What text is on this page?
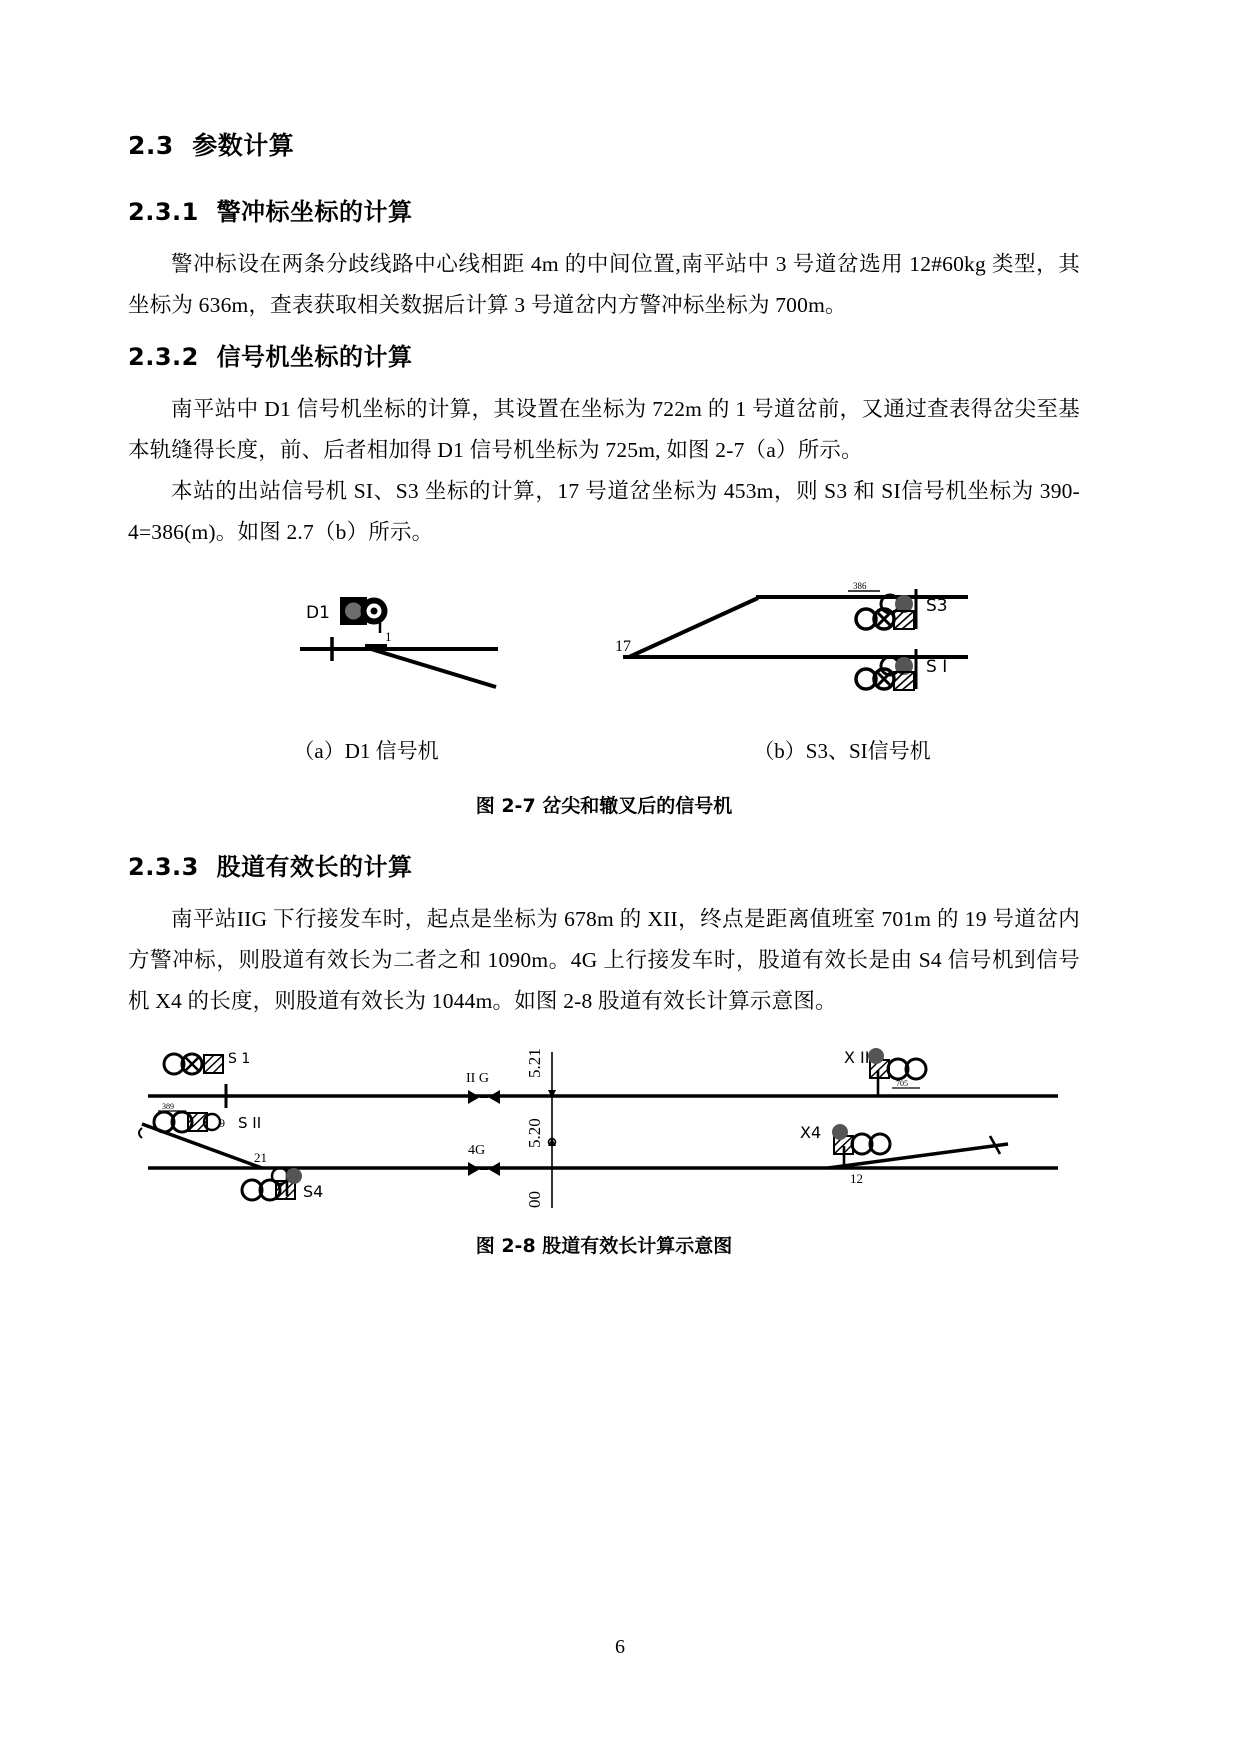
2.3 参数计算
2.3.1 警冲标坐标的计算

警冲标设在两条分歧线路中心线相距 4m 的中间位置,南平站中 3 号道岔选用 12#60kg 类型，其坐标为 636m，查表获取相关数据后计算 3 号道岔内方警冲标坐标为 700m。

2.3.2 信号机坐标的计算

南平站中 D1 信号机坐标的计算，其设置在坐标为 722m 的 1 号道岔前，又通过查表得岔尖至基本轨缝得长度，前、后者相加得 D1 信号机坐标为 725m, 如图 2-7（a）所示。

本站的出站信号机 SI、S3 坐标的计算，17 号道岔坐标为 453m，则 S3 和 SI信号机坐标为 390-4=386(m)。如图 2.7（b）所示。

D1
1
S3
S I
17
386
（a）D1 信号机	（b）S3、SI信号机
图 2-7 岔尖和辙叉后的信号机
2.3.3 股道有效长的计算

南平站IIG 下行接发车时，起点是坐标为 678m 的 XII，终点是距离值班室 701m 的 19 号道岔内方警冲标，则股道有效长为二者之和 1090m。4G 上行接发车时，股道有效长是由 S4 信号机到信号机 X4 的长度，则股道有效长为 1044m。如图 2-8 股道有效长计算示意图。

S 1
9 S II
389
21
S4
II G
4G
5.21
5.20
00
X II
705
X4
12
图 2-8 股道有效长计算示意图
6
